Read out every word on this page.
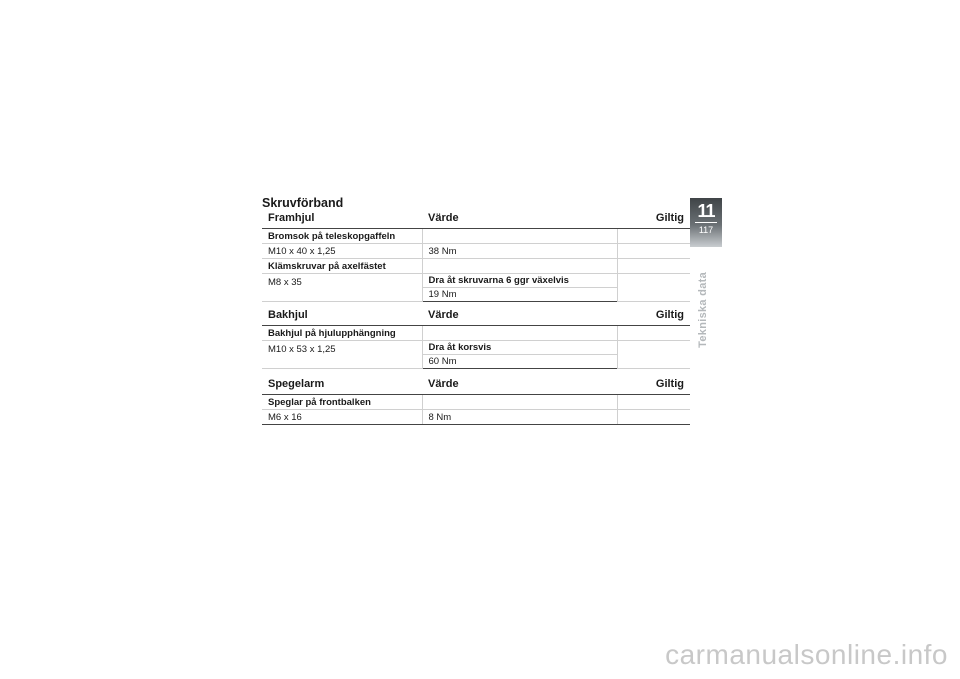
Skruvförband
Framhjul	Värde	Giltig
Bromsok på teleskopgaffeln		
M10 x 40 x 1,25	38 Nm	
Klämskruvar på axelfästet		
M8 x 35	Dra åt skruvarna 6 ggr växelvis	
	19 Nm	
Bakhjul	Värde	Giltig
Bakhjul på hjulupphängning		
M10 x 53 x 1,25	Dra åt korsvis	
	60 Nm	
Spegelarm	Värde	Giltig
Speglar på frontbalken		
M6 x 16	8 Nm	
11
117
Tekniska data
carmanualsonline.info
